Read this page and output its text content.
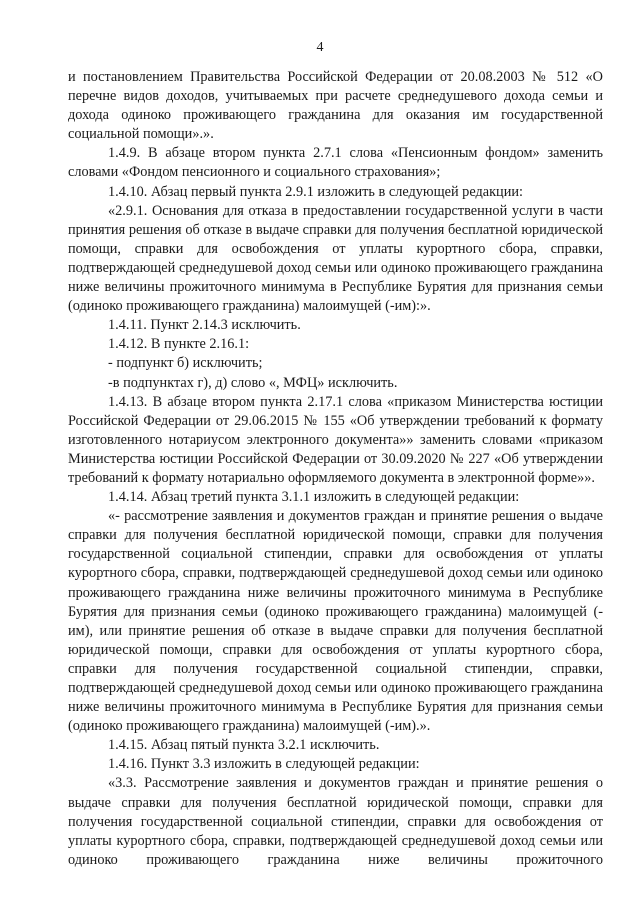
4

и постановлением Правительства Российской Федерации от 20.08.2003 № 512 «О перечне видов доходов, учитываемых при расчете среднедушевого дохода семьи и дохода одиноко проживающего гражданина для оказания им государственной социальной помощи».».

1.4.9. В абзаце втором пункта 2.7.1 слова «Пенсионным фондом» заменить словами «Фондом пенсионного и социального страхования»;

1.4.10. Абзац первый пункта 2.9.1 изложить в следующей редакции:

«2.9.1. Основания для отказа в предоставлении государственной услуги в части принятия решения об отказе в выдаче справки для получения бесплатной юридической помощи, справки для освобождения от уплаты курортного сбора, справки, подтверждающей среднедушевой доход семьи или одиноко проживающего гражданина ниже величины прожиточного минимума в Республике Бурятия для признания семьи (одиноко проживающего гражданина) малоимущей (-им):».

1.4.11. Пункт 2.14.3 исключить.

1.4.12. В пункте 2.16.1:

- подпункт б) исключить;

-в подпунктах г), д) слово «, МФЦ» исключить.

1.4.13. В абзаце втором пункта 2.17.1 слова «приказом Министерства юстиции Российской Федерации от 29.06.2015 № 155 «Об утверждении требований к формату изготовленного нотариусом электронного документа»» заменить словами «приказом Министерства юстиции Российской Федерации от 30.09.2020 № 227 «Об утверждении требований к формату нотариально оформляемого документа в электронной форме»».

1.4.14. Абзац третий пункта 3.1.1 изложить в следующей редакции:

«- рассмотрение заявления и документов граждан и принятие решения о выдаче справки для получения бесплатной юридической помощи, справки для получения государственной социальной стипендии, справки для освобождения от уплаты курортного сбора, справки, подтверждающей среднедушевой доход семьи или одиноко проживающего гражданина ниже величины прожиточного минимума в Республике Бурятия для признания семьи (одиноко проживающего гражданина) малоимущей (-им), или принятие решения об отказе в выдаче справки для получения бесплатной юридической помощи, справки для освобождения от уплаты курортного сбора, справки для получения государственной социальной стипендии, справки, подтверждающей среднедушевой доход семьи или одиноко проживающего гражданина ниже величины прожиточного минимума в Республике Бурятия для признания семьи (одиноко проживающего гражданина) малоимущей (-им).».

1.4.15. Абзац пятый пункта 3.2.1 исключить.

1.4.16. Пункт 3.3 изложить в следующей редакции:

«3.3. Рассмотрение заявления и документов граждан и принятие решения о выдаче справки для получения бесплатной юридической помощи, справки для получения государственной социальной стипендии, справки для освобождения от уплаты курортного сбора, справки, подтверждающей среднедушевой доход семьи или одиноко проживающего гражданина ниже величины прожиточного
